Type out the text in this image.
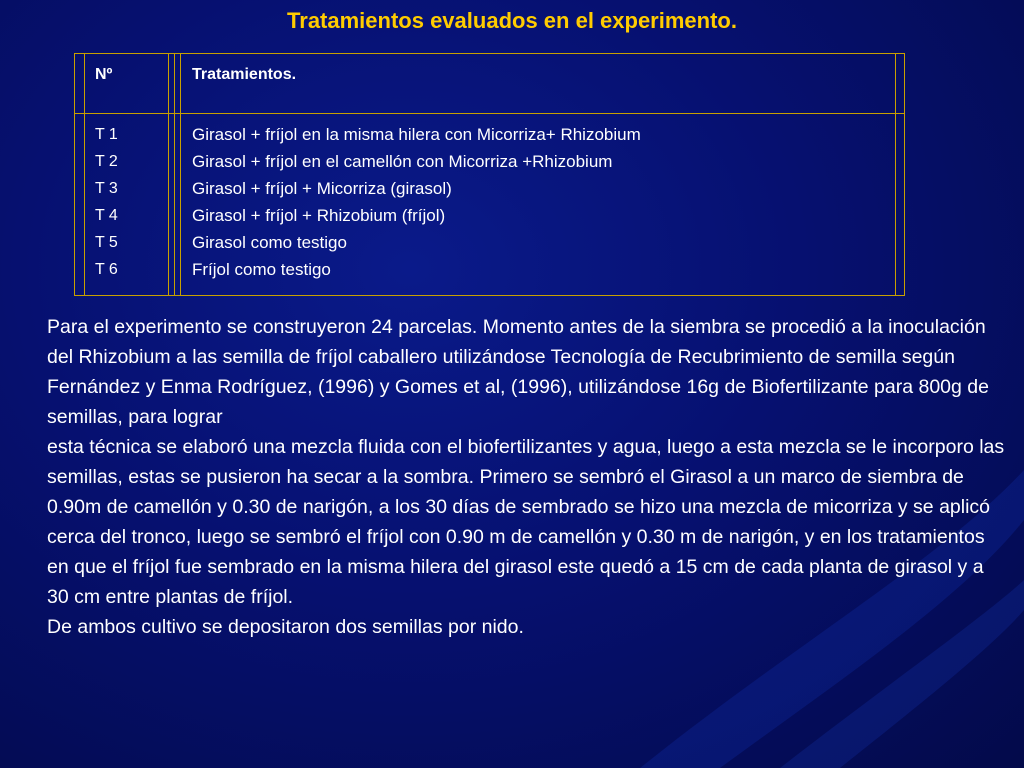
Tratamientos evaluados en el experimento.
Nº	Tratamientos.
T 1
T 2
T 3
T 4
T 5
T 6
Girasol + fríjol en la misma hilera con Micorriza+ Rhizobium
Girasol + fríjol en el camellón con Micorriza +Rhizobium
Girasol + fríjol + Micorriza (girasol)
Girasol + fríjol + Rhizobium (fríjol)
Girasol como testigo
Fríjol como testigo

Para el experimento se construyeron 24 parcelas. Momento antes de la siembra se procedió a la inoculación del Rhizobium a las semilla de fríjol caballero utilizándose Tecnología de Recubrimiento de semilla según Fernández y Enma Rodríguez, (1996) y Gomes et al, (1996), utilizándose 16g de Biofertilizante para 800g de semillas, para lograr

esta técnica se elaboró una mezcla fluida con el biofertilizantes y agua, luego a esta mezcla se le incorporo las semillas, estas se pusieron ha secar a la sombra. Primero se sembró el Girasol a un marco de siembra de 0.90m de camellón y 0.30 de narigón, a los 30 días de sembrado se hizo una mezcla de micorriza y se aplicó cerca del tronco, luego se sembró el fríjol con 0.90 m de camellón y 0.30 m de narigón, y en los tratamientos en que el fríjol fue sembrado en la misma hilera del girasol este quedó a 15 cm de cada planta de girasol y a 30 cm entre plantas de fríjol.

De ambos cultivo se depositaron dos semillas por nido.
